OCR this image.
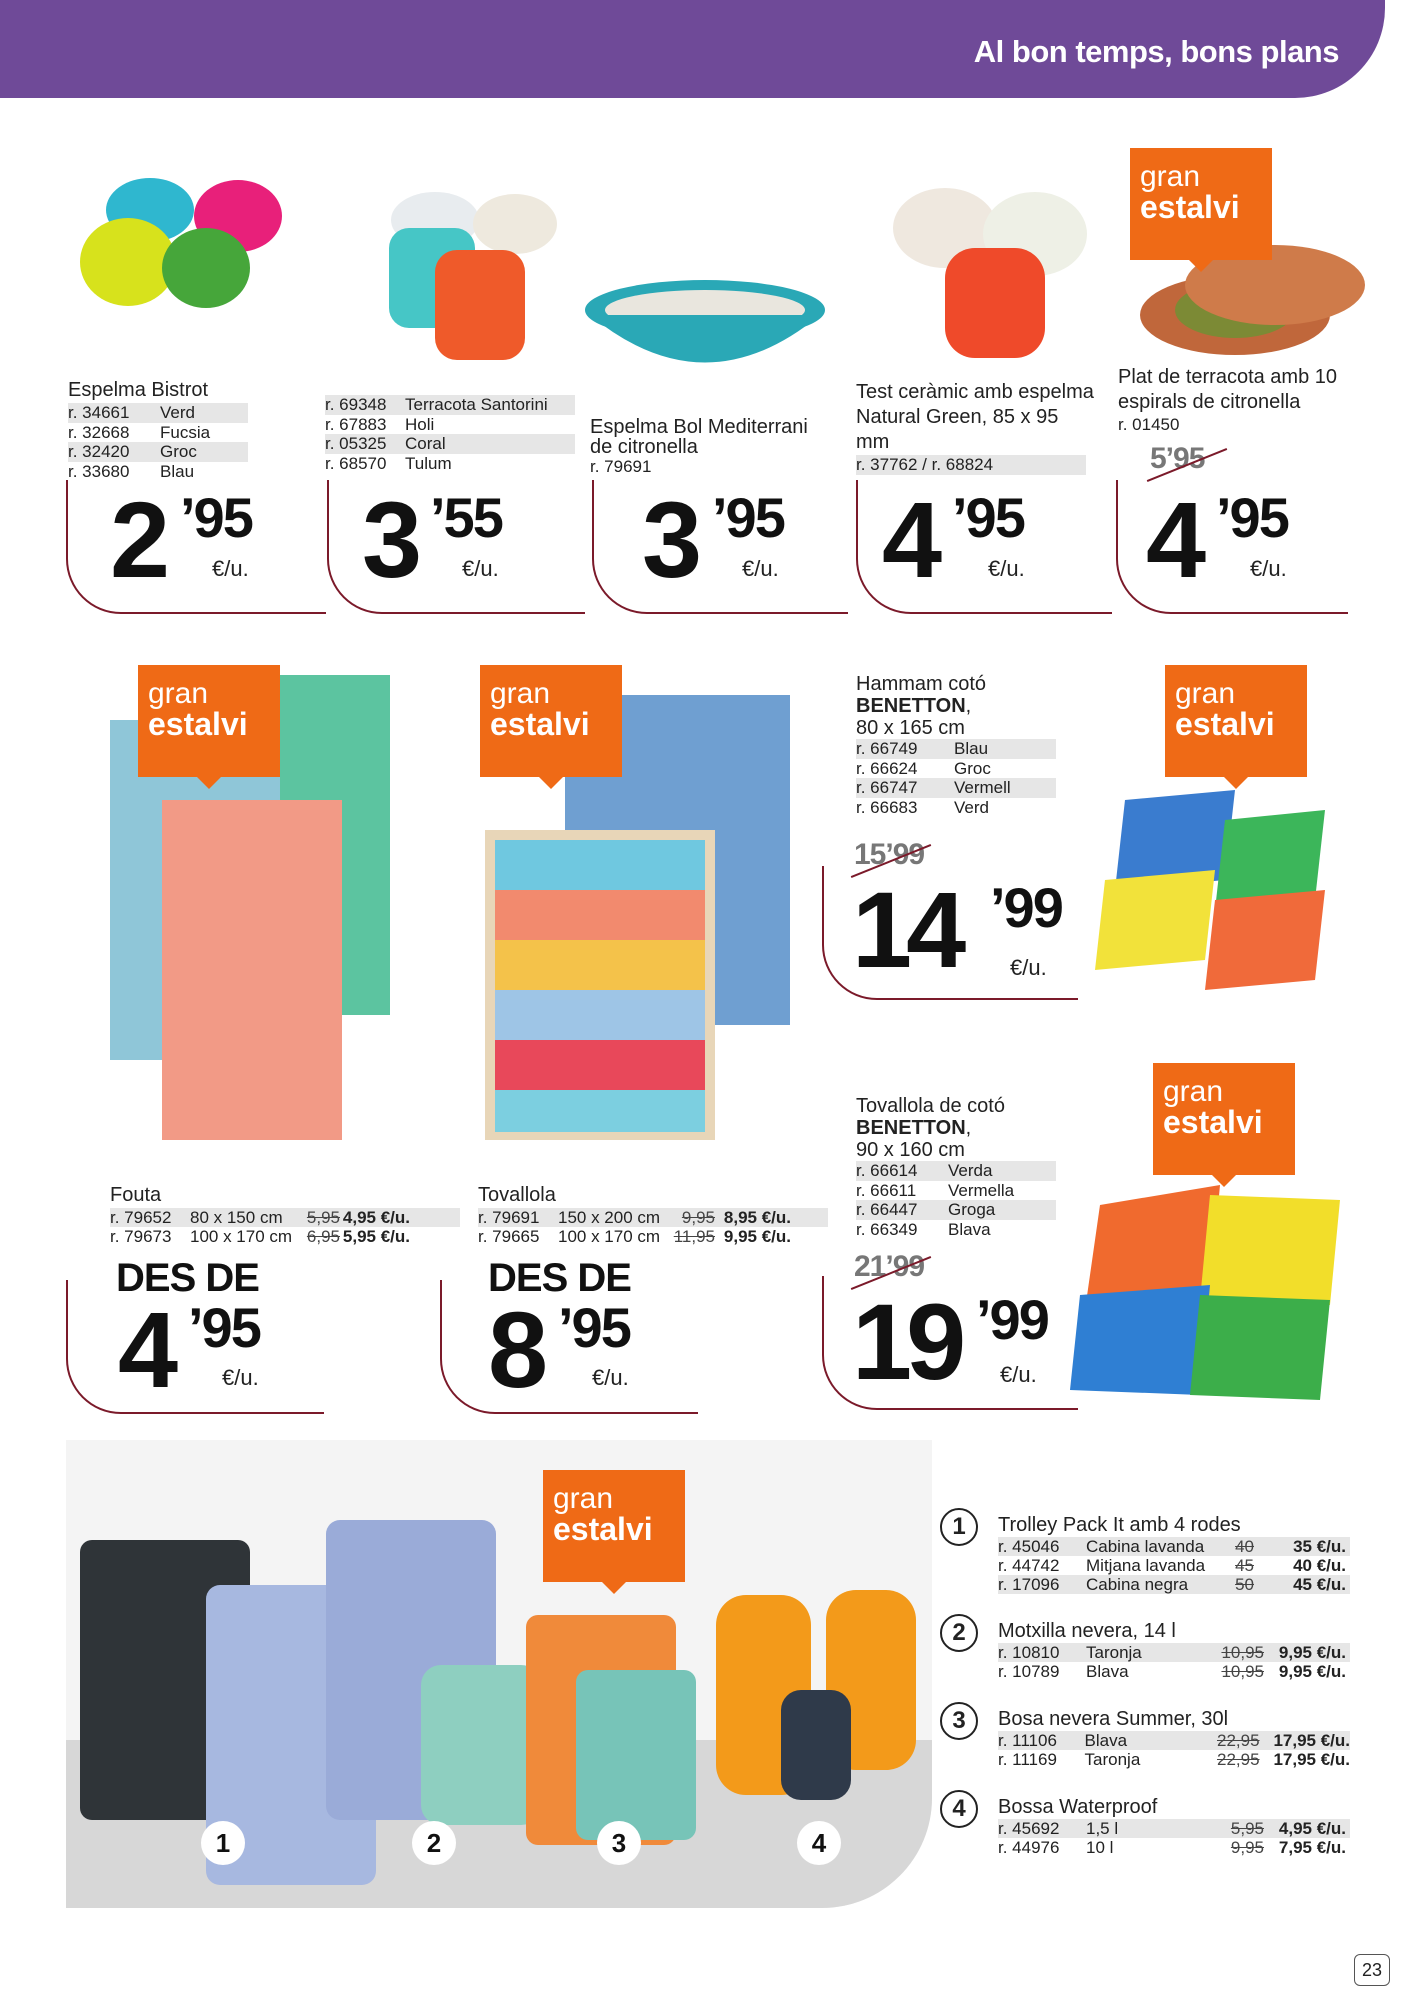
Al bon temps, bons plans
gran
estalvi
Espelma Bistrot
r. 34661	Verd
r. 32668	Fucsia
r. 32420	Groc
r. 33680	Blau
2 ’95
€/u.
r. 69348	Terracota Santorini
r. 67883	Holi
r. 05325	Coral
r. 68570	Tulum
3 ’55
€/u.
Espelma Bol Mediterrani de citronella
r. 79691
3 ’95
€/u.
Test ceràmic amb espelma Natural Green, 85 x 95 mm
r. 37762 / r. 68824
4 ’95
€/u.
Plat de terracota amb 10 espirals de citronella
r. 01450
5’95
4 ’95
€/u.
gran
estalvi
gran
estalvi
Fouta
r. 79652	80 x 150 cm	5,95 4,95 €/u.
r. 79673	100 x 170 cm 6,95 5,95 €/u.
DES DE
4 ’95
€/u.
Tovallola
r. 79691	150 x 200 cm	9,95 8,95 €/u.
r. 79665	100 x 170 cm 11,95 9,95 €/u.
DES DE
8 ’95
€/u.
Hammam cotó
BENETTON,
80 x 165 cm
r. 66749	Blau
r. 66624	Groc
r. 66747	Vermell
r. 66683	Verd
15’99
14 ’99
€/u.
gran
estalvi
Tovallola de cotó
BENETTON,
90 x 160 cm
r. 66614	Verda
r. 66611	Vermella
r. 66447	Groga
r. 66349	Blava
21’99
19 ’99
€/u.
gran
estalvi
gran
estalvi
1	2	3	4
1	Trolley Pack It amb 4 rodes
r. 45046	Cabina lavanda	40	35 €/u.
r. 44742	Mitjana lavanda	45	40 €/u.
r. 17096	Cabina negra	50	45 €/u.
2	Motxilla nevera, 14 l
r. 10810	Taronja	10,95 9,95 €/u.
r. 10789	Blava	10,95 9,95 €/u.
3	Bosa nevera Summer, 30l
r. 11106	Blava	22,95 17,95 €/u.
r. 11169	Taronja	22,95 17,95 €/u.
4	Bossa Waterproof
r. 45692	1,5 l	5,95 4,95 €/u.
r. 44976	10 l	9,95 7,95 €/u.
23
